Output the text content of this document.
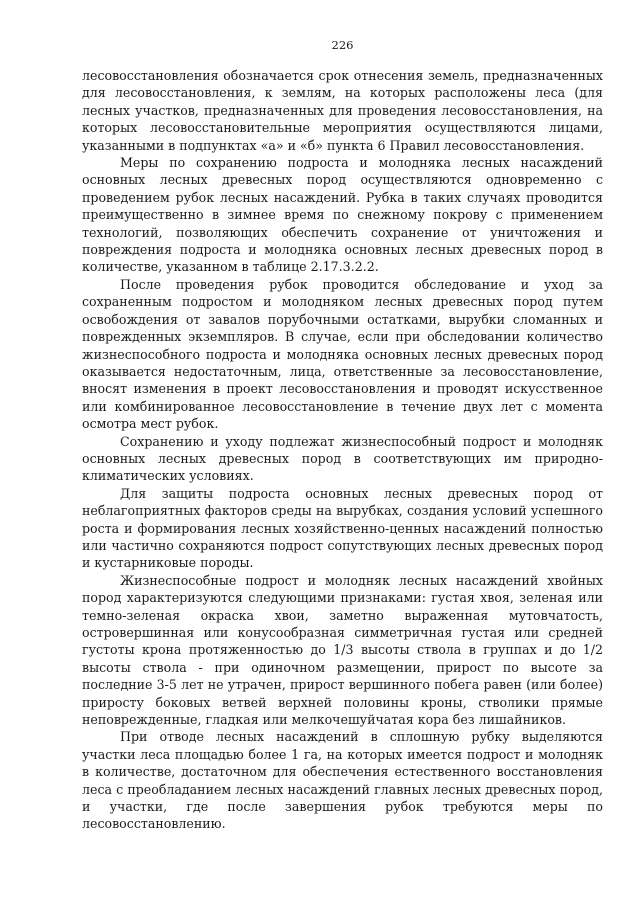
226

лесовосстановления обозначается срок отнесения земель, предназначенных для лесовосстановления, к землям, на которых расположены леса (для лесных участков, предназначенных для проведения лесовосстановления, на которых лесовосстановительные мероприятия осуществляются лицами, указанными в подпунктах «а» и «б» пункта 6 Правил лесовосстановления.

Меры по сохранению подроста и молодняка лесных насаждений основных лесных древесных пород осуществляются одновременно с проведением рубок лесных насаждений. Рубка в таких случаях проводится преимущественно в зимнее время по снежному покрову с применением технологий, позволяющих обеспечить сохранение от уничтожения и повреждения подроста и молодняка основных лесных древесных пород в количестве, указанном в таблице 2.17.3.2.2.

После проведения рубок проводится обследование и уход за сохраненным подростом и молодняком лесных древесных пород путем освобождения от завалов порубочными остатками, вырубки сломанных и поврежденных экземпляров. В случае, если при обследовании количество жизнеспособного подроста и молодняка основных лесных древесных пород оказывается недостаточным, лица, ответственные за лесовосстановление, вносят изменения в проект лесовосстановления и проводят искусственное или комбинированное лесовосстановление в течение двух лет с момента осмотра мест рубок.

Сохранению и уходу подлежат жизнеспособный подрост и молодняк основных лесных древесных пород в соответствующих им природно-климатических условиях.

Для защиты подроста основных лесных древесных пород от неблагоприятных факторов среды на вырубках, создания условий успешного роста и формирования лесных хозяйственно-ценных насаждений полностью или частично сохраняются подрост сопутствующих лесных древесных пород и кустарниковые породы.

Жизнеспособные подрост и молодняк лесных насаждений хвойных пород характеризуются следующими признаками: густая хвоя, зеленая или темно-зеленая окраска хвои, заметно выраженная мутовчатость, островершинная или конусообразная симметричная густая или средней густоты крона протяженностью до 1/3 высоты ствола в группах и до 1/2 высоты ствола - при одиночном размещении, прирост по высоте за последние 3-5 лет не утрачен, прирост вершинного побега равен (или более) приросту боковых ветвей верхней половины кроны, стволики прямые неповрежденные, гладкая или мелкочешуйчатая кора без лишайников.

При отводе лесных насаждений в сплошную рубку выделяются участки леса площадью более 1 га, на которых имеется подрост и молодняк в количестве, достаточном для обеспечения естественного восстановления леса с преобладанием лесных насаждений главных лесных древесных пород, и участки, где после завершения рубок требуются меры по лесовосстановлению.
